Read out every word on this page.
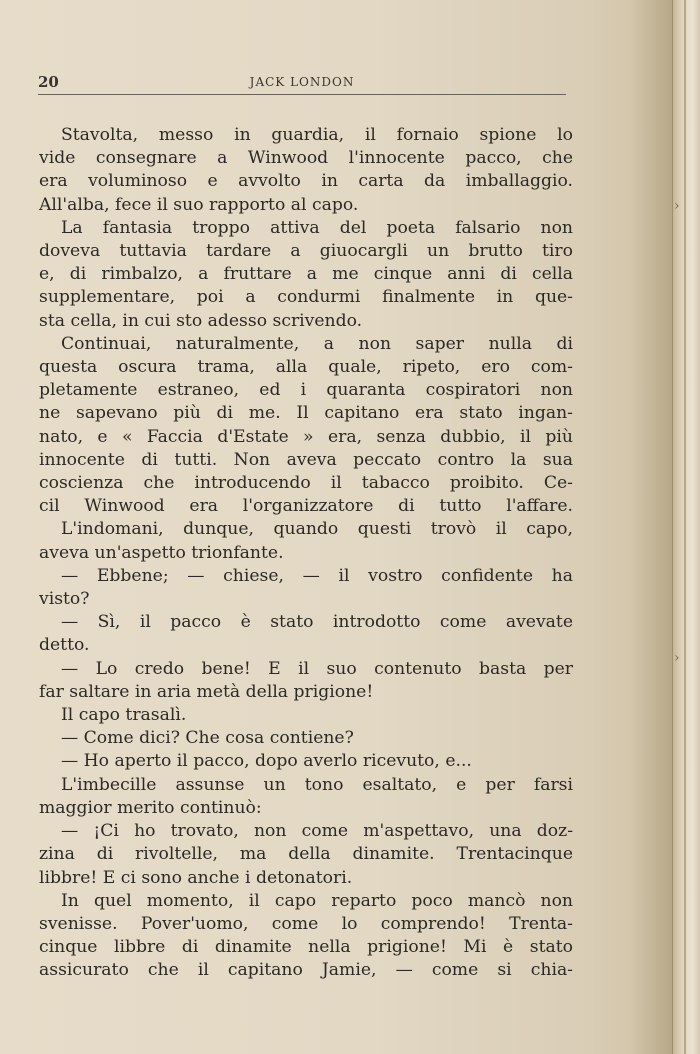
›
›
20	JACK LONDON
Stavolta, messo in guardia, il fornaio spione lo
vide consegnare a Winwood l'innocente pacco, che
era voluminoso e avvolto in carta da imballaggio.
All'alba, fece il suo rapporto al capo.
La fantasia troppo attiva del poeta falsario non
doveva tuttavia tardare a giuocargli un brutto tiro
e, di rimbalzo, a fruttare a me cinque anni di cella
supplementare, poi a condurmi finalmente in que-
sta cella, in cui sto adesso scrivendo.
Continuai, naturalmente, a non saper nulla di
questa oscura trama, alla quale, ripeto, ero com-
pletamente estraneo, ed i quaranta cospiratori non
ne sapevano più di me. Il capitano era stato ingan-
nato, e « Faccia d'Estate » era, senza dubbio, il più
innocente di tutti. Non aveva peccato contro la sua
coscienza che introducendo il tabacco proibito. Ce-
cil Winwood era l'organizzatore di tutto l'affare.
L'indomani, dunque, quando questi trovò il capo,
aveva un'aspetto trionfante.
— Ebbene; — chiese, — il vostro confidente ha
visto?
— Sì, il pacco è stato introdotto come avevate
detto.
— Lo credo bene! E il suo contenuto basta per
far saltare in aria metà della prigione!
Il capo trasalì.
— Come dici? Che cosa contiene?
— Ho aperto il pacco, dopo averlo ricevuto, e...
L'imbecille assunse un tono esaltato, e per farsi
maggior merito continuò:
— ¡Ci ho trovato, non come m'aspettavo, una doz-
zina di rivoltelle, ma della dinamite. Trentacinque
libbre! E ci sono anche i detonatori.
In quel momento, il capo reparto poco mancò non
svenisse. Pover'uomo, come lo comprendo! Trenta-
cinque libbre di dinamite nella prigione! Mi è stato
assicurato che il capitano Jamie, — come si chia-
